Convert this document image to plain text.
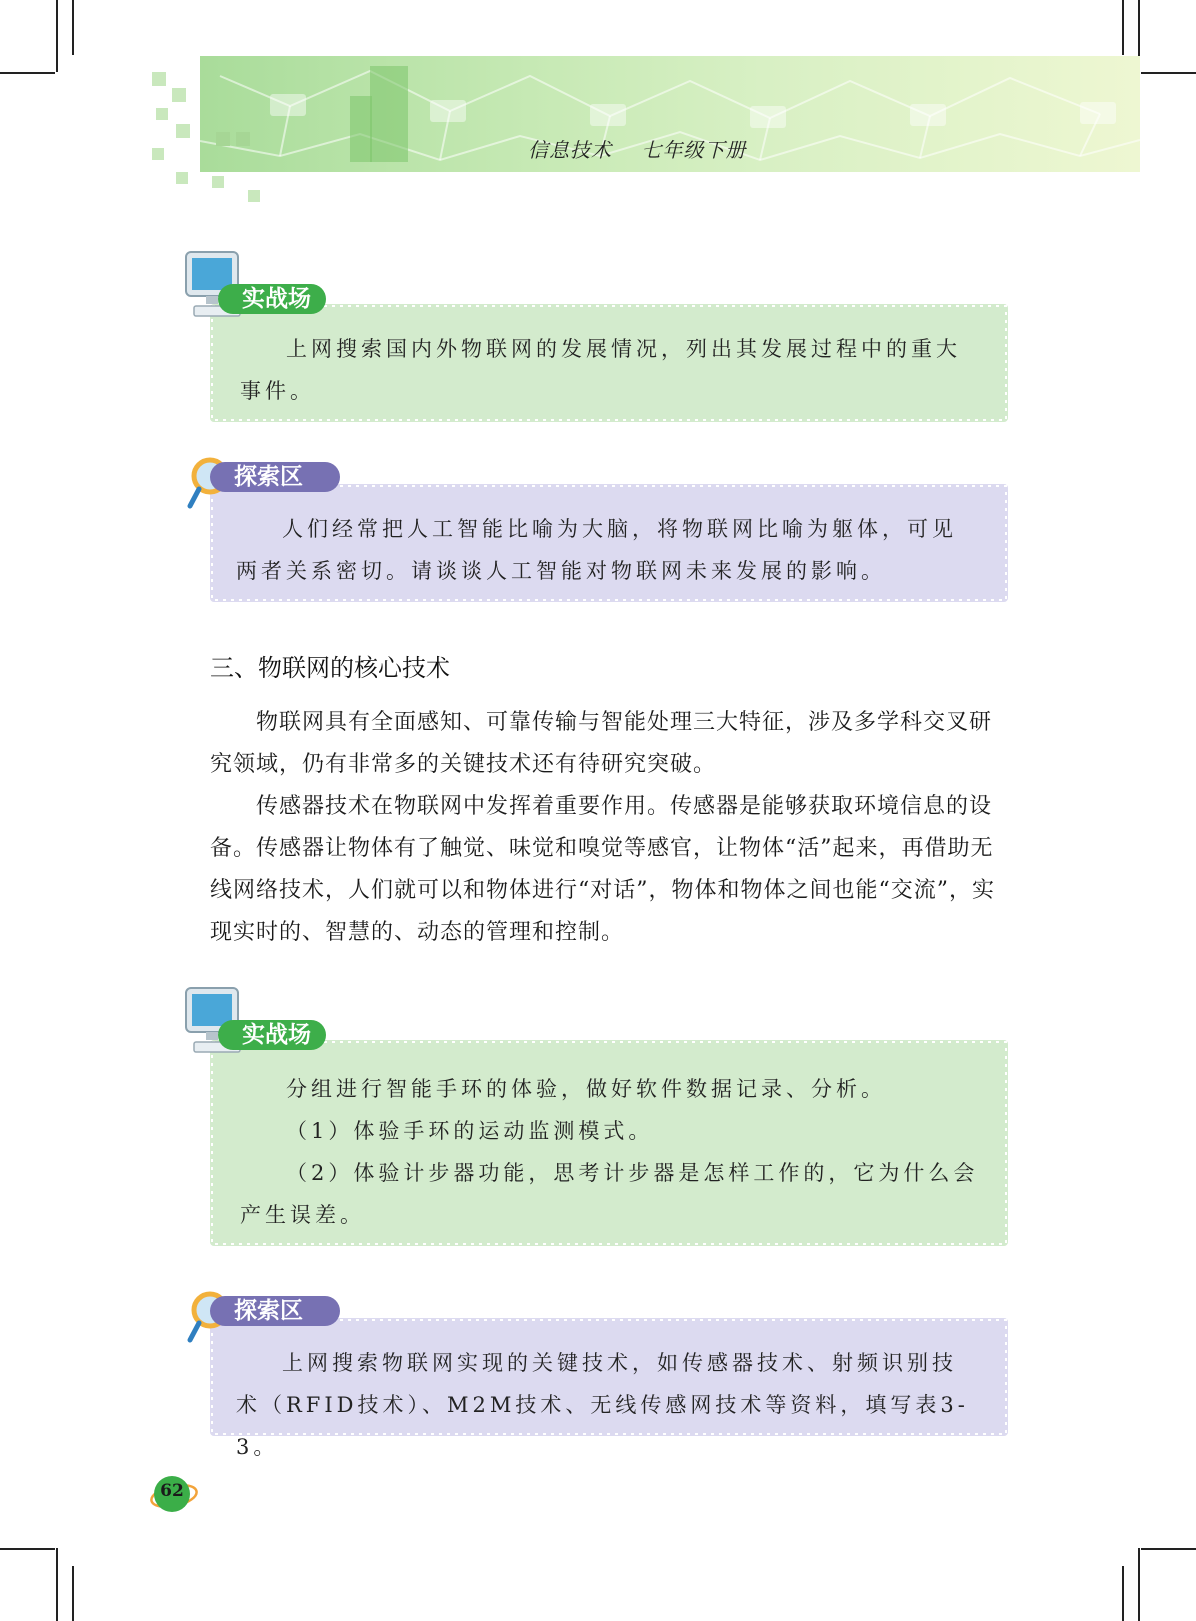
信息技术    七年级下册
实战场
上网搜索国内外物联网的发展情况，列出其发展过程中的重大事件。
探索区
人们经常把人工智能比喻为大脑，将物联网比喻为躯体，可见两者关系密切。请谈谈人工智能对物联网未来发展的影响。
三、物联网的核心技术
物联网具有全面感知、可靠传输与智能处理三大特征，涉及多学科交叉研究领域，仍有非常多的关键技术还有待研究突破。
传感器技术在物联网中发挥着重要作用。传感器是能够获取环境信息的设备。传感器让物体有了触觉、味觉和嗅觉等感官，让物体“活”起来，再借助无线网络技术，人们就可以和物体进行“对话”，物体和物体之间也能“交流”，实现实时的、智慧的、动态的管理和控制。
实战场
分组进行智能手环的体验，做好软件数据记录、分析。
（1）体验手环的运动监测模式。
（2）体验计步器功能，思考计步器是怎样工作的，它为什么会产生误差。
探索区
上网搜索物联网实现的关键技术，如传感器技术、射频识别技术（RFID技术）、M2M技术、无线传感网技术等资料，填写表3-3。
62
